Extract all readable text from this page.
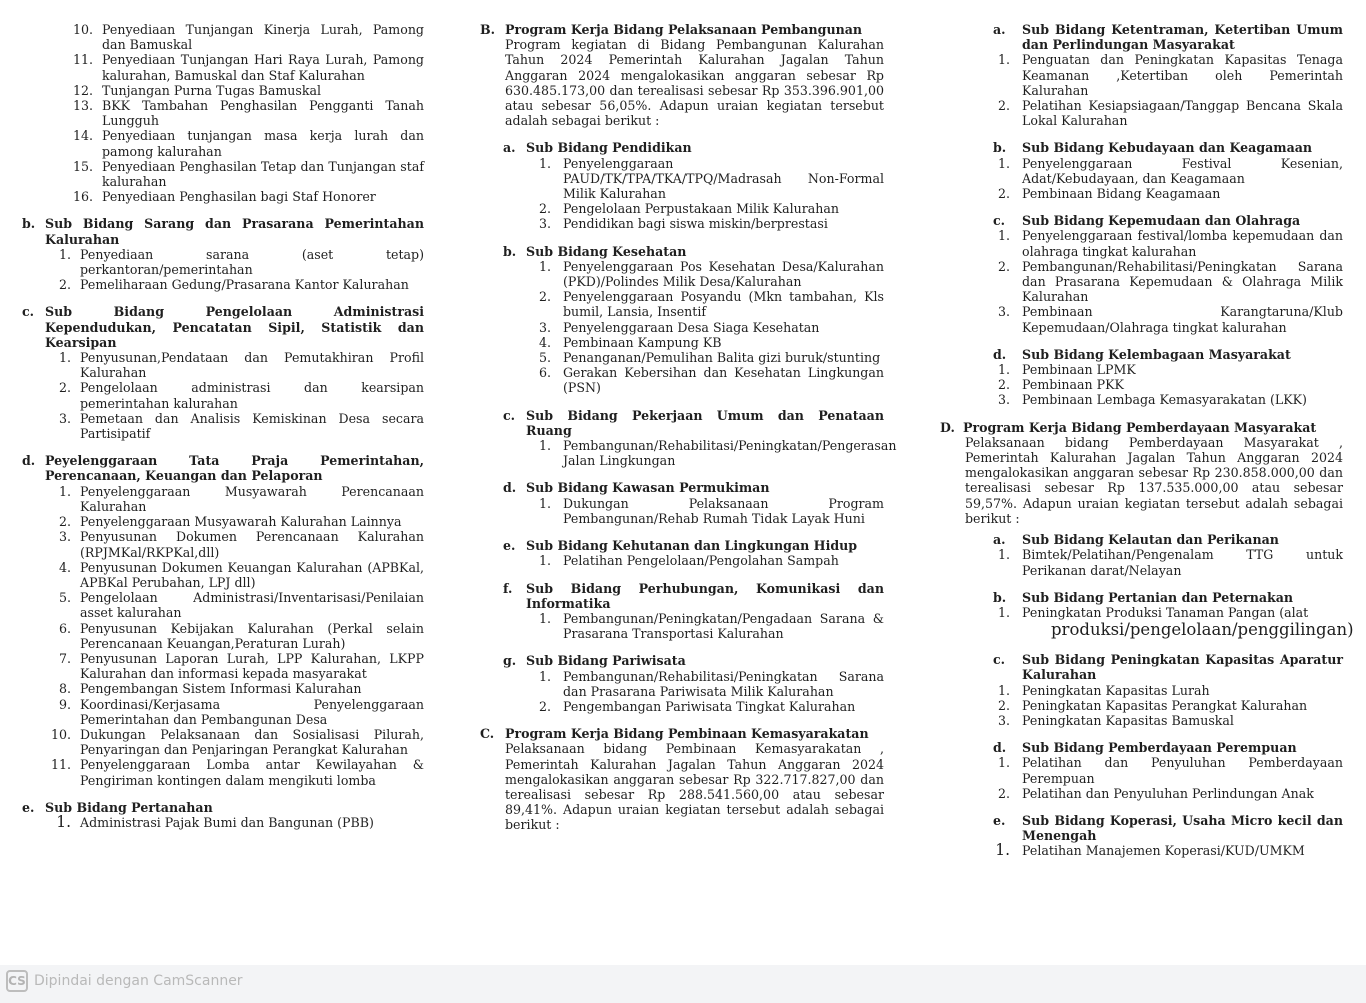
10. Penyediaan Tunjangan Kinerja Lurah, Pamong dan Bamuskal
11. Penyediaan Tunjangan Hari Raya Lurah, Pamong kalurahan, Bamuskal dan Staf Kalurahan
12. Tunjangan Purna Tugas Bamuskal
13. BKK Tambahan Penghasilan Pengganti Tanah Lungguh
14. Penyediaan tunjangan masa kerja lurah dan pamong kalurahan
15. Penyediaan Penghasilan Tetap dan Tunjangan staf kalurahan
16. Penyediaan Penghasilan bagi Staf Honorer
b. Sub Bidang Sarang dan Prasarana Pemerintahan Kalurahan
1. Penyediaan sarana (aset tetap) perkantoran/pemerintahan
2. Pemeliharaan Gedung/Prasarana Kantor Kalurahan
c. Sub Bidang Pengelolaan Administrasi Kependudukan, Pencatatan Sipil, Statistik dan Kearsipan
1. Penyusunan,Pendataan dan Pemutakhiran Profil Kalurahan
2. Pengelolaan administrasi dan kearsipan pemerintahan kalurahan
3. Pemetaan dan Analisis Kemiskinan Desa secara Partisipatif
d. Peyelenggaraan Tata Praja Pemerintahan, Perencanaan, Keuangan dan Pelaporan
1. Penyelenggaraan Musyawarah Perencanaan Kalurahan
2. Penyelenggaraan Musyawarah Kalurahan Lainnya
3. Penyusunan Dokumen Perencanaan Kalurahan (RPJMKal/RKPKal,dll)
4. Penyusunan Dokumen Keuangan Kalurahan (APBKal, APBKal Perubahan, LPJ dll)
5. Pengelolaan Administrasi/Inventarisasi/Penilaian asset kalurahan
6. Penyusunan Kebijakan Kalurahan (Perkal selain Perencanaan Keuangan,Peraturan Lurah)
7. Penyusunan Laporan Lurah, LPP Kalurahan, LKPP Kalurahan dan informasi kepada masyarakat
8. Pengembangan Sistem Informasi Kalurahan
9. Koordinasi/Kerjasama Penyelenggaraan Pemerintahan dan Pembangunan Desa
10. Dukungan Pelaksanaan dan Sosialisasi Pilurah, Penyaringan dan Penjaringan Perangkat Kalurahan
11. Penyelenggaraan Lomba antar Kewilayahan & Pengiriman kontingen dalam mengikuti lomba
e. Sub Bidang Pertanahan
1. Administrasi Pajak Bumi dan Bangunan (PBB)
B. Program Kerja Bidang Pelaksanaan Pembangunan
Program kegiatan di Bidang Pembangunan Kalurahan Tahun 2024 Pemerintah Kalurahan Jagalan Tahun Anggaran 2024 mengalokasikan anggaran sebesar Rp 630.485.173,00 dan terealisasi sebesar Rp 353.396.901,00 atau sebesar 56,05%. Adapun uraian kegiatan tersebut adalah sebagai berikut :
a. Sub Bidang Pendidikan
1. Penyelenggaraan PAUD/TK/TPA/TKA/TPQ/Madrasah Non-Formal Milik Kalurahan
2. Pengelolaan Perpustakaan Milik Kalurahan
3. Pendidikan bagi siswa miskin/berprestasi
b. Sub Bidang Kesehatan
1. Penyelenggaraan Pos Kesehatan Desa/Kalurahan (PKD)/Polindes Milik Desa/Kalurahan
2. Penyelenggaraan Posyandu (Mkn tambahan, Kls bumil, Lansia, Insentif
3. Penyelenggaraan Desa Siaga Kesehatan
4. Pembinaan Kampung KB
5. Penanganan/Pemulihan Balita gizi buruk/stunting
6. Gerakan Kebersihan dan Kesehatan Lingkungan (PSN)
c. Sub Bidang Pekerjaan Umum dan Penataan Ruang
1. Pembangunan/Rehabilitasi/Peningkatan/Pengerasan Jalan Lingkungan
d. Sub Bidang Kawasan Permukiman
1. Dukungan Pelaksanaan Program Pembangunan/Rehab Rumah Tidak Layak Huni
e. Sub Bidang Kehutanan dan Lingkungan Hidup
1. Pelatihan Pengelolaan/Pengolahan Sampah
f.	Sub Bidang Perhubungan, Komunikasi dan Informatika
1. Pembangunan/Peningkatan/Pengadaan Sarana & Prasarana Transportasi Kalurahan
g. Sub Bidang Pariwisata
1. Pembangunan/Rehabilitasi/Peningkatan Sarana dan Prasarana Pariwisata Milik Kalurahan
2. Pengembangan Pariwisata Tingkat Kalurahan
C. Program Kerja Bidang Pembinaan Kemasyarakatan
Pelaksanaan bidang Pembinaan Kemasyarakatan , Pemerintah Kalurahan Jagalan Tahun Anggaran 2024 mengalokasikan anggaran sebesar Rp 322.717.827,00 dan terealisasi sebesar Rp 288.541.560,00 atau sebesar 89,41%. Adapun uraian kegiatan tersebut adalah sebagai berikut :
a.	Sub Bidang Ketentraman, Ketertiban Umum dan Perlindungan Masyarakat
1. Penguatan dan Peningkatan Kapasitas Tenaga Keamanan ,Ketertiban oleh Pemerintah Kalurahan
2. Pelatihan Kesiapsiagaan/Tanggap Bencana Skala Lokal Kalurahan
b.	Sub Bidang Kebudayaan dan Keagamaan
1. Penyelenggaraan Festival Kesenian, Adat/Kebudayaan, dan Keagamaan
2. Pembinaan Bidang Keagamaan
c.	Sub Bidang Kepemudaan dan Olahraga
1. Penyelenggaraan festival/lomba kepemudaan dan olahraga tingkat kalurahan
2. Pembangunan/Rehabilitasi/Peningkatan Sarana dan Prasarana Kepemudaan & Olahraga Milik Kalurahan
3. Pembinaan Karangtaruna/Klub Kepemudaan/Olahraga tingkat kalurahan
d.	Sub Bidang Kelembagaan Masyarakat
1. Pembinaan LPMK
2. Pembinaan PKK
3. Pembinaan Lembaga Kemasyarakatan (LKK)
D. Program Kerja Bidang Pemberdayaan Masyarakat
Pelaksanaan bidang Pemberdayaan Masyarakat , Pemerintah Kalurahan Jagalan Tahun Anggaran 2024 mengalokasikan anggaran sebesar Rp 230.858.000,00 dan terealisasi sebesar Rp 137.535.000,00 atau sebesar 59,57%. Adapun uraian kegiatan tersebut adalah sebagai berikut :
a.	Sub Bidang Kelautan dan Perikanan
1. Bimtek/Pelatihan/Pengenalam TTG untuk Perikanan darat/Nelayan
b.	Sub Bidang Pertanian dan Peternakan
1. Peningkatan Produksi Tanaman Pangan (alat
produksi/pengelolaan/penggilingan)
c.	Sub Bidang Peningkatan Kapasitas Aparatur Kalurahan
1. Peningkatan Kapasitas Lurah
2. Peningkatan Kapasitas Perangkat Kalurahan
3. Peningkatan Kapasitas Bamuskal
d.	Sub Bidang Pemberdayaan Perempuan
1. Pelatihan dan Penyuluhan Pemberdayaan Perempuan
2. Pelatihan dan Penyuluhan Perlindungan Anak
e.	Sub Bidang Koperasi, Usaha Micro kecil dan Menengah
1. Pelatihan Manajemen Koperasi/KUD/UMKM
CS Dipindai dengan CamScanner
